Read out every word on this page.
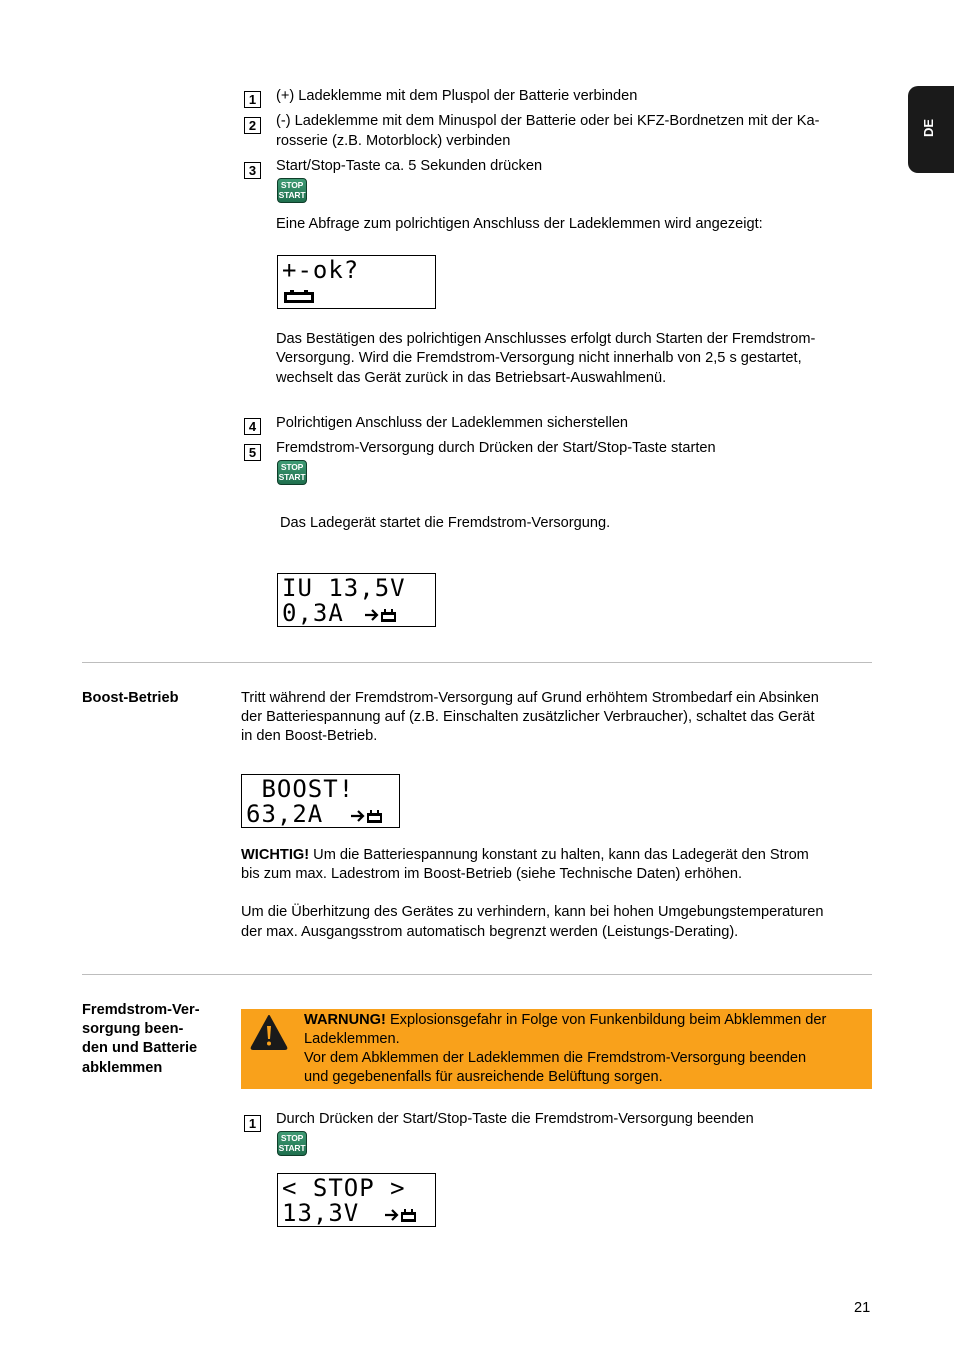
DE
1	(+) Ladeklemme mit dem Pluspol der Batterie verbinden
2	(-) Ladeklemme mit dem Minuspol der Batterie oder bei KFZ-Bordnetzen mit der Ka-
rosserie (z.B. Motorblock) verbinden
3	Start/Stop-Taste ca. 5 Sekunden drücken
STOP
START
Eine Abfrage zum polrichtigen Anschluss der Ladeklemmen wird angezeigt:
+-ok?
Das Bestätigen des polrichtigen Anschlusses erfolgt durch Starten der Fremdstrom-
Versorgung. Wird die Fremdstrom-Versorgung nicht innerhalb von 2,5 s gestartet,
wechselt das Gerät zurück in das Betriebsart-Auswahlmenü.
4	Polrichtigen Anschluss der Ladeklemmen sicherstellen
5	Fremdstrom-Versorgung durch Drücken der Start/Stop-Taste starten
STOP
START
Das Ladegerät startet die Fremdstrom-Versorgung.
IU 13,5V
0,3A
Boost-Betrieb	Tritt während der Fremdstrom-Versorgung auf Grund erhöhtem Strombedarf ein Absinken
der Batteriespannung auf (z.B. Einschalten zusätzlicher Verbraucher), schaltet das Gerät
in den Boost-Betrieb.
BOOST!
63,2A
WICHTIG! Um die Batteriespannung konstant zu halten, kann das Ladegerät den Strom
bis zum max. Ladestrom im Boost-Betrieb (siehe Technische Daten) erhöhen.
Um die Überhitzung des Gerätes zu verhindern, kann bei hohen Umgebungstemperaturen
der max. Ausgangsstrom automatisch begrenzt werden (Leistungs-Derating).
Fremdstrom-Ver-
sorgung been-
den und Batterie
abklemmen
WARNUNG! Explosionsgefahr in Folge von Funkenbildung beim Abklemmen der
Ladeklemmen.
Vor dem Abklemmen der Ladeklemmen die Fremdstrom-Versorgung beenden
und gegebenenfalls für ausreichende Belüftung sorgen.
1	Durch Drücken der Start/Stop-Taste die Fremdstrom-Versorgung beenden
STOP
START
< STOP >
13,3V
21
